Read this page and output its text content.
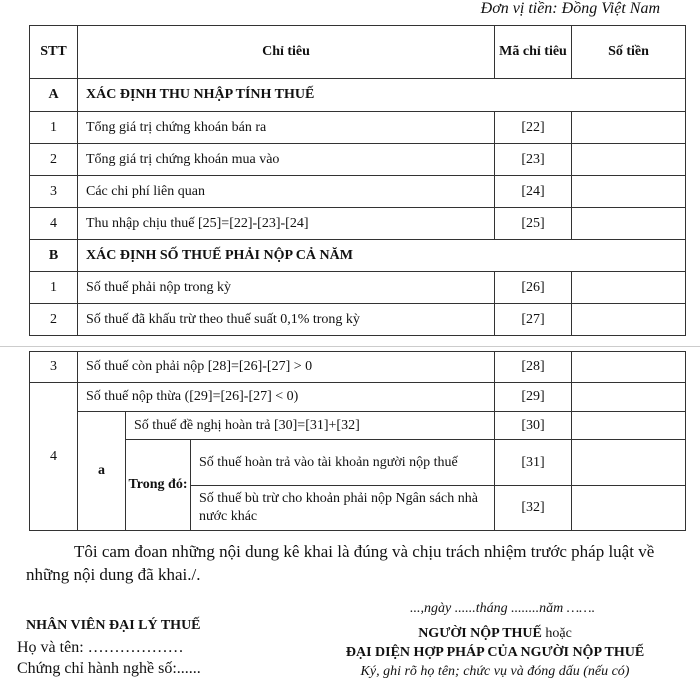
Đơn vị tiền: Đồng Việt Nam
STT	Chỉ tiêu	Mã chỉ tiêu	Số tiền
A	XÁC ĐỊNH THU NHẬP TÍNH THUẾ		
1	Tổng giá trị chứng khoán bán ra	[22]	
2	Tổng giá trị chứng khoán mua vào	[23]	
3	Các chi phí liên quan	[24]	
4	Thu nhập chịu thuế [25]=[22]-[23]-[24]	[25]	
B	XÁC ĐỊNH SỐ THUẾ PHẢI NỘP CẢ NĂM		
1	Số thuế phải nộp trong kỳ	[26]	
2	Số thuế đã khấu trừ theo thuế suất 0,1% trong kỳ	[27]	
3	Số thuế còn phải nộp [28]=[26]-[27] > 0			[28]	
4	Số thuế nộp thừa ([29]=[26]-[27] < 0)			[29]	
	a	Số thuế đề nghị hoàn trả [30]=[31]+[32]		[30]	
		Trong đó:	Số thuế hoàn trả vào tài khoản người nộp thuế	[31]	
			Số thuế bù trừ cho khoản phải nộp Ngân sách nhà nước khác	[32]	
Tôi cam đoan những nội dung kê khai là đúng và chịu trách nhiệm trước pháp luật về những nội dung đã khai./.
NHÂN VIÊN ĐẠI LÝ THUẾ
Họ và tên: ………………
Chứng chỉ hành nghề số:......
...,ngày ......tháng ........năm …….
NGƯỜI NỘP THUẾ hoặc
ĐẠI DIỆN HỢP PHÁP CỦA NGƯỜI NỘP THUẾ
Ký, ghi rõ họ tên; chức vụ và đóng dấu (nếu có)
